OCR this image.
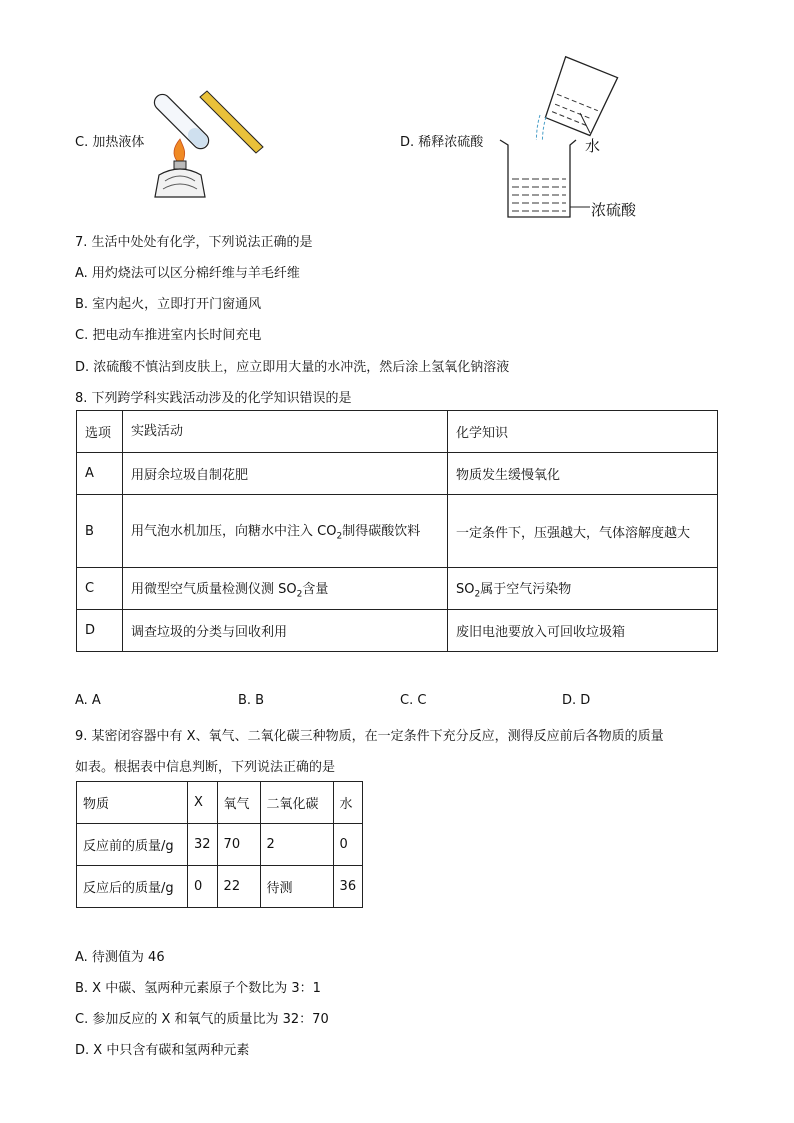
C. 加热液体	D. 稀释浓硫酸	水
浓硫酸
7. 生活中处处有化学，下列说法正确的是
A. 用灼烧法可以区分棉纤维与羊毛纤维
B. 室内起火，立即打开门窗通风
C. 把电动车推进室内长时间充电
D. 浓硫酸不慎沾到皮肤上，应立即用大量的水冲洗，然后涂上氢氧化钠溶液
8. 下列跨学科实践活动涉及的化学知识错误的是
选项	实践活动	化学知识
A	用厨余垃圾自制花肥	物质发生缓慢氧化
B	用气泡水机加压，向糖水中注入 $CO_2$制得碳酸饮料	一定条件下，压强越大，气体溶解度越大
C	用微型空气质量检测仪测 $SO_2$含量	$SO_2$属于空气污染物
D	调查垃圾的分类与回收利用	废旧电池要放入可回收垃圾箱
A. A	B. B	C. C	D. D
9. 某密闭容器中有 X、氧气、二氧化碳三种物质，在一定条件下充分反应，测得反应前后各物质的质量
如表。根据表中信息判断，下列说法正确的是
物质	X	氧气	二氧化碳	水
反应前的质量/g	32	70	2	0
反应后的质量/g	0	22	待测	36
A. 待测值为 46
B. X 中碳、氢两种元素原子个数比为 3：1
C. 参加反应的 X 和氧气的质量比为 32：70
D. X 中只含有碳和氢两种元素
